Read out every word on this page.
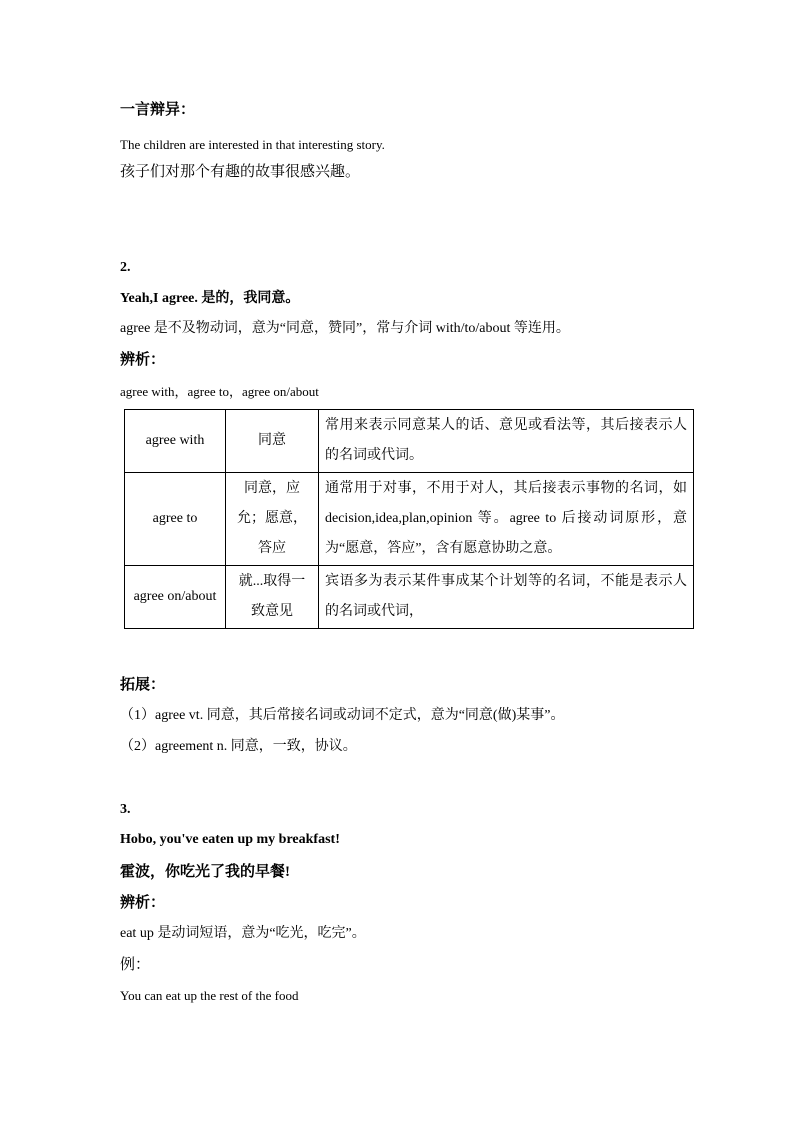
一言辩异：

The children are interested in that interesting story.

孩子们对那个有趣的故事很感兴趣。

2.

Yeah,I agree. 是的，我同意。

agree 是不及物动词，意为“同意，赞同”，常与介词 with/to/about 等连用。

辨析：

agree with，agree to，agree on/about

agree with	同意	常用来表示同意某人的话、意见或看法等，其后接表示人的名词或代词。
agree to	同意，应允；愿意，答应	通常用于对事，不用于对人，其后接表示事物的名词，如 decision,idea,plan,opinion 等。agree to 后接动词原形，意为“愿意，答应”，含有愿意协助之意。
agree on/about	就...取得一致意见	宾语多为表示某件事成某个计划等的名词，不能是表示人的名词或代词，

拓展：

（1）agree vt. 同意，其后常接名词或动词不定式，意为“同意(做)某事”。

（2）agreement n. 同意，一致，协议。

3.

Hobo, you've eaten up my breakfast!

霍波，你吃光了我的早餐!

辨析：

eat up 是动词短语，意为“吃光，吃完”。

例：

You can eat up the rest of the food
